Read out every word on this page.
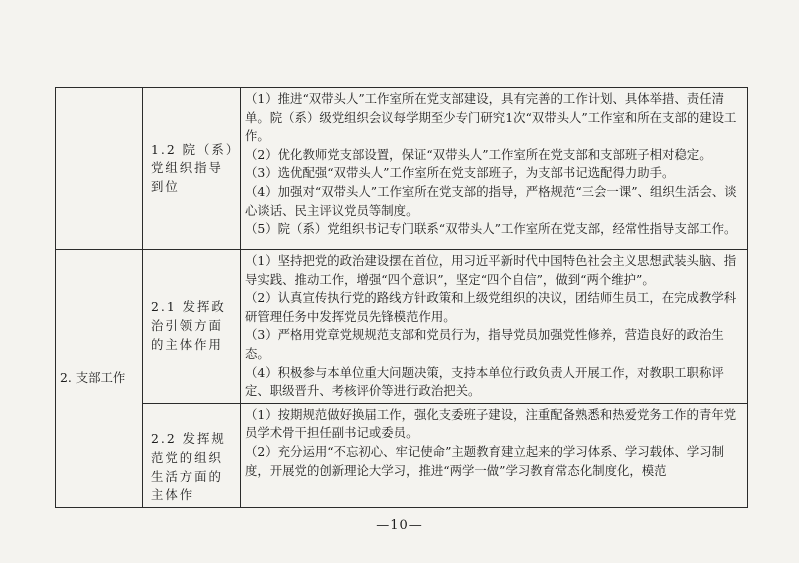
	1.2 院（系）党组织指导到位	（1）推进“双带头人”工作室所在党支部建设，具有完善的工作计划、具体举措、责任清单。院（系）级党组织会议每学期至少专门研究1次“双带头人”工作室和所在支部的建设工作。

（2）优化教师党支部设置，保证“双带头人”工作室所在党支部和支部班子相对稳定。

（3）选优配强“双带头人”工作室所在党支部班子，为支部书记选配得力助手。

（4）加强对“双带头人”工作室所在党支部的指导，严格规范“三会一课”、组织生活会、谈心谈话、民主评议党员等制度。

（5）院（系）党组织书记专门联系“双带头人”工作室所在党支部，经常性指导支部工作。

2. 支部工作	2.1 发挥政治引领方面的主体作用	（1）坚持把党的政治建设摆在首位，用习近平新时代中国特色社会主义思想武装头脑、指导实践、推动工作，增强“四个意识”，坚定“四个自信”，做到“两个维护”。

（2）认真宣传执行党的路线方针政策和上级党组织的决议，团结师生员工，在完成教学科研管理任务中发挥党员先锋模范作用。

（3）严格用党章党规规范支部和党员行为，指导党员加强党性修养，营造良好的政治生态。

（4）积极参与本单位重大问题决策，支持本单位行政负责人开展工作，对教职工职称评定、职级晋升、考核评价等进行政治把关。

	2.2 发挥规范党的组织生活方面的主体作	（1）按期规范做好换届工作，强化支委班子建设，注重配备熟悉和热爱党务工作的青年党员学术骨干担任副书记或委员。

（2）充分运用“不忘初心、牢记使命”主题教育建立起来的学习体系、学习载体、学习制度，开展党的创新理论大学习，推进“两学一做”学习教育常态化制度化，模范

—10—
